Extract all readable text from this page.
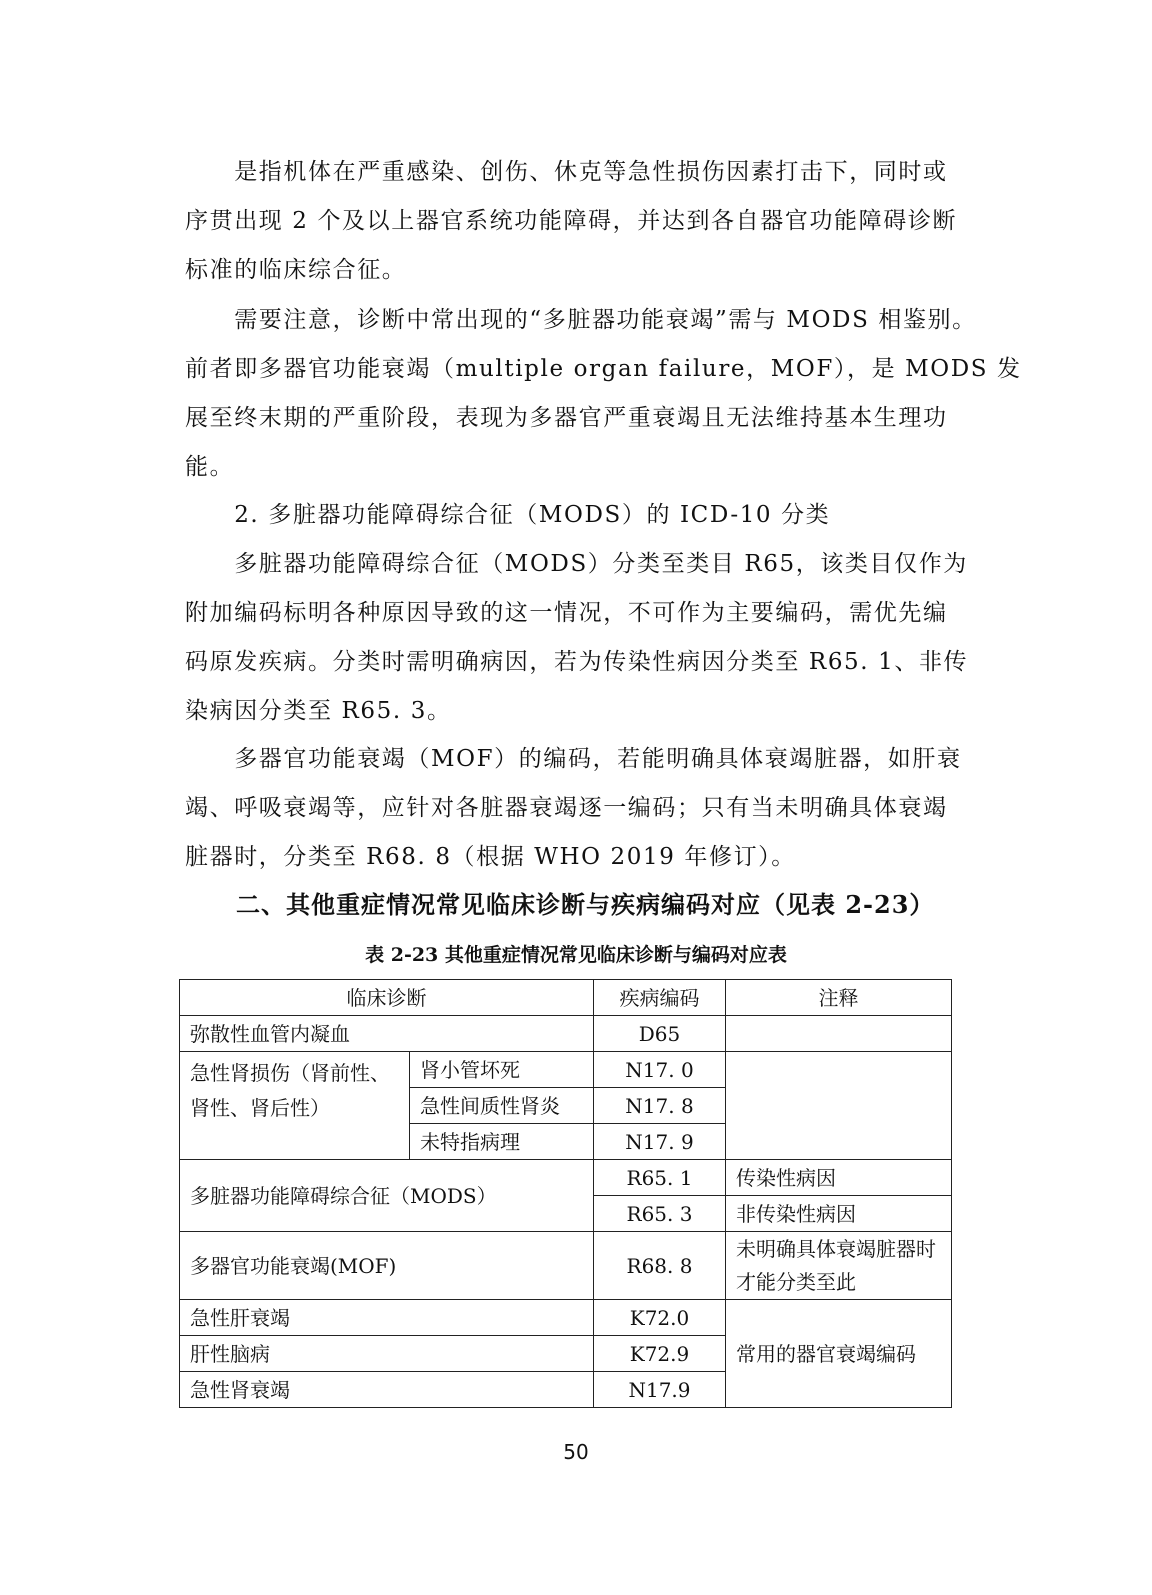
　　是指机体在严重感染、创伤、休克等急性损伤因素打击下，同时或
序贯出现 2 个及以上器官系统功能障碍，并达到各自器官功能障碍诊断
标准的临床综合征。

　　需要注意，诊断中常出现的“多脏器功能衰竭”需与 MODS 相鉴别。
前者即多器官功能衰竭（multiple organ failure，MOF），是 MODS 发
展至终末期的严重阶段，表现为多器官严重衰竭且无法维持基本生理功
能。

　　2. 多脏器功能障碍综合征（MODS）的 ICD-10 分类

　　多脏器功能障碍综合征（MODS）分类至类目 R65，该类目仅作为
附加编码标明各种原因导致的这一情况，不可作为主要编码，需优先编
码原发疾病。分类时需明确病因，若为传染性病因分类至 R65. 1、非传
染病因分类至 R65. 3。

　　多器官功能衰竭（MOF）的编码，若能明确具体衰竭脏器，如肝衰
竭、呼吸衰竭等，应针对各脏器衰竭逐一编码；只有当未明确具体衰竭
脏器时，分类至 R68. 8（根据 WHO 2019 年修订）。

二、其他重症情况常见临床诊断与疾病编码对应（见表 2-23）

表 2-23 其他重症情况常见临床诊断与编码对应表

临床诊断		疾病编码	注释
弥散性血管内凝血		D65	
急性肾损伤（肾前性、肾性、肾后性）	肾小管坏死	N17. 0	
	急性间质性肾炎	N17. 8	
	未特指病理	N17. 9	
多脏器功能障碍综合征（MODS）		R65. 1	传染性病因
		R65. 3	非传染性病因
多器官功能衰竭(MOF)		R68. 8	未明确具体衰竭脏器时才能分类至此
急性肝衰竭		K72.0	常用的器官衰竭编码
肝性脑病		K72.9	
急性肾衰竭		N17.9	

50
